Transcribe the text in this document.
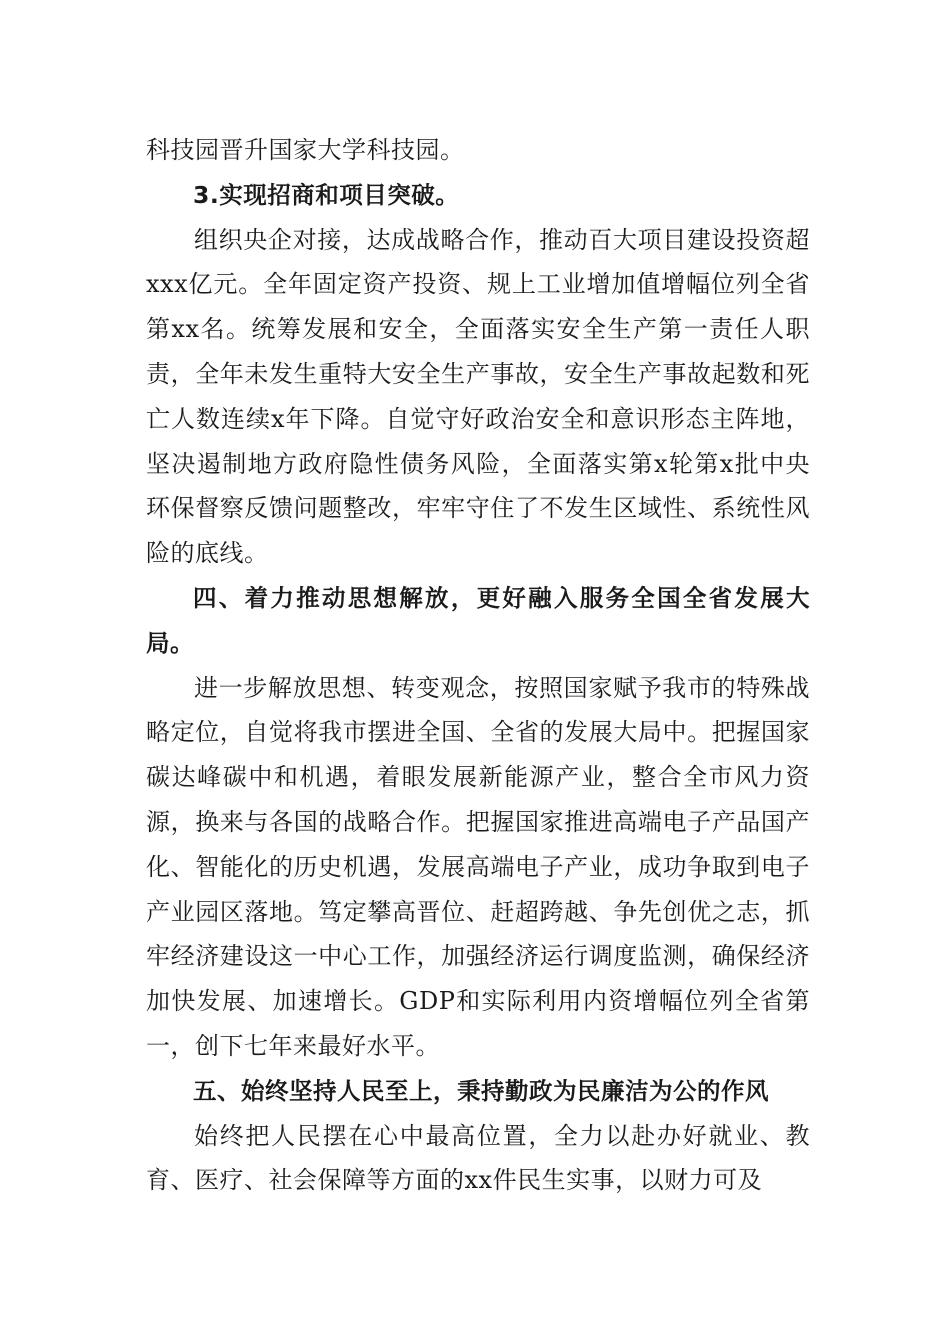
科技园晋升国家大学科技园。

3.实现招商和项目突破。

组织央企对接，达成战略合作，推动百大项目建设投资超xxx亿元。全年固定资产投资、规上工业增加值增幅位列全省第xx名。统筹发展和安全，全面落实安全生产第一责任人职责，全年未发生重特大安全生产事故，安全生产事故起数和死亡人数连续x年下降。自觉守好政治安全和意识形态主阵地，坚决遏制地方政府隐性债务风险，全面落实第x轮第x批中央环保督察反馈问题整改，牢牢守住了不发生区域性、系统性风险的底线。

四、着力推动思想解放，更好融入服务全国全省发展大局。

进一步解放思想、转变观念，按照国家赋予我市的特殊战略定位，自觉将我市摆进全国、全省的发展大局中。把握国家碳达峰碳中和机遇，着眼发展新能源产业，整合全市风力资源，换来与各国的战略合作。把握国家推进高端电子产品国产化、智能化的历史机遇，发展高端电子产业，成功争取到电子产业园区落地。笃定攀高晋位、赶超跨越、争先创优之志，抓牢经济建设这一中心工作，加强经济运行调度监测，确保经济加快发展、加速增长。GDP和实际利用内资增幅位列全省第一，创下七年来最好水平。

五、始终坚持人民至上，秉持勤政为民廉洁为公的作风

始终把人民摆在心中最高位置，全力以赴办好就业、教育、医疗、社会保障等方面的xx件民生实事，以财力可及
